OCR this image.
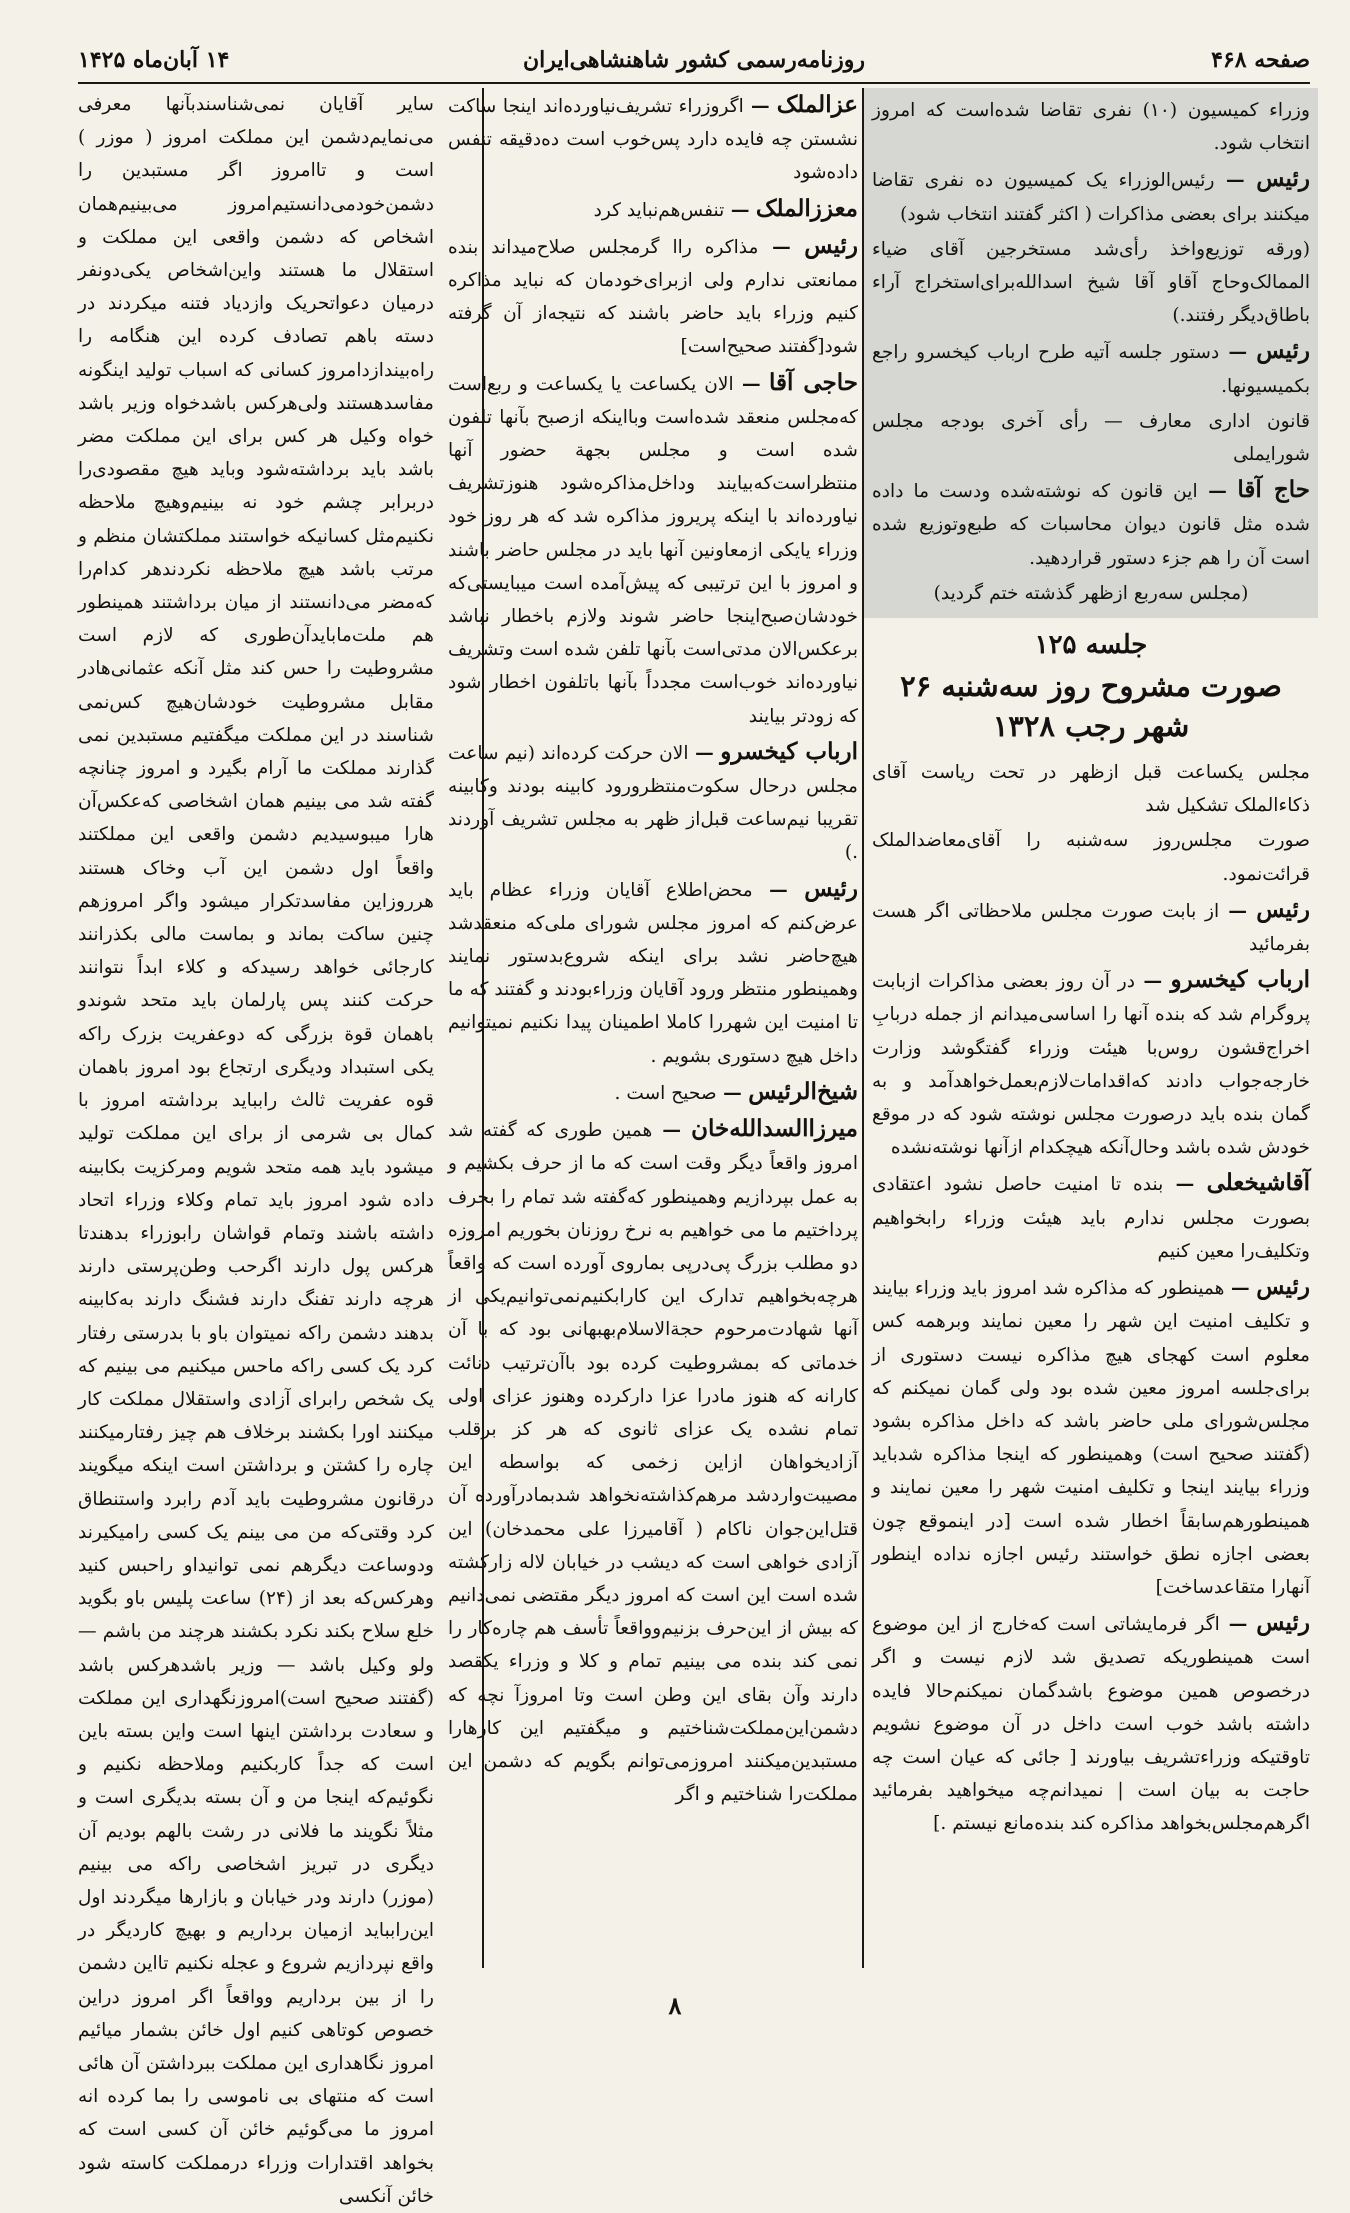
صفحه ۴۶۸
روزنامه‌رسمی کشور شاهنشاهی‌ایران
۱۴ آبان‌ماه ۱۴۲۵

وزراء کمیسیون (۱۰) نفری تقاضا شده‌است که امروز انتخاب شود.

رئیس — رئیس‌الوزراء یک کمیسیون ده نفری تقاضا میکنند برای بعضی مذاکرات ( اکثر گفتند انتخاب شود)

(ورقه توزیع‌واخذ رأی‌شد مستخرجین آقای ضیاء الممالک‌وحاج آقاو آقا شیخ اسدالله‌برای‌استخراج آراء باطاق‌دیگر رفتند.)

رئیس — دستور جلسه آتیه طرح ارباب کیخسرو راجع بکمیسیونها.

قانون اداری معارف — رأی آخری بودجه مجلس شورایملی

حاج آقا — این قانون که نوشته‌شده ودست ما داده شده مثل قانون دیوان محاسبات که طبع‌وتوزیع شده است آن را هم جزء دستور قراردهید.

(مجلس سه‌ربع ازظهر گذشته ختم گردید)

جلسه ۱۲۵
صورت مشروح روز سه‌شنبه ۲۶ شهر رجب ۱۳۲۸

مجلس یکساعت قبل ازظهر در تحت ریاست آقای ذکاءالملک تشکیل شد

صورت مجلس‌روز سه‌شنبه را آقای‌معاضدالملک قرائت‌نمود.

رئیس — از بابت صورت مجلس ملاحظاتی اگر هست بفرمائید

ارباب کیخسرو — در آن روز بعضی مذاکرات ازبابت پروگرام شد که بنده آنها را اساسی‌میدانم از جمله دربابِ اخراج‌قشون روس‌با هیئت وزراء گفتگوشد وزارت خارجه‌جواب دادند که‌اقدامات‌لازم‌بعمل‌خواهدآمد و به گمان بنده باید درصورت مجلس نوشته شود که در موقع خودش شده باشد وحال‌آنکه هیچکدام ازآنها نوشته‌نشده

آقاشیخعلی — بنده تا امنیت حاصل نشود اعتقادی بصورت مجلس ندارم باید هیئت وزراء رابخواهیم وتکلیف‌را معین کنیم

رئیس — همینطور که مذاکره شد امروز باید وزراء بیایند و تکلیف امنیت این شهر را معین نمایند وبرهمه کس معلوم است کهجای هیچ مذاکره نیست دستوری از برای‌جلسه امروز معین شده بود ولی گمان نمیکنم که مجلس‌شورای ملی حاضر باشد که داخل مذاکره بشود (گفتند صحیح است) وهمینطور که اینجا مذاکره شدباید وزراء بیایند اینجا و تکلیف امنیت شهر را معین نمایند و همینطورهم‌سابقاً اخطار شده است [در اینموقع چون بعضی اجازه نطق خواستند رئیس اجازه نداده اینطور آنهارا متقاعدساخت]

رئیس — اگر فرمایشاتی است که‌خارج از این موضوع است همینطوریکه تصدیق شد لازم نیست و اگر درخصوص همین موضوع باشدگمان نمیکنم‌حالا فایده داشته باشد خوب است داخل در آن موضوع نشویم تاوقتیکه وزراءتشریف بیاورند [ جائی که عیان است چه حاجت به بیان است | نمیدانم‌چه میخواهید بفرمائید اگرهم‌مجلس‌بخواهد مذاکره کند بنده‌مانع نیستم .]

عزالملک — اگروزراء تشریف‌نیاورده‌اند اینجا ساکت نشستن چه فایده دارد پس‌خوب است ده‌دقیقه تنفس داده‌شود

معززالملک — تنفس‌هم‌نباید کرد

رئیس — مذاکره راا گرمجلس صلاح‌میداند بنده ممانعتی ندارم ولی ازبرای‌خودمان که نباید مذاکره کنیم وزراء باید حاضر باشند که نتیجه‌از آن گرفته شود[گفتند صحیح‌است]

حاجی آقا — الان یکساعت یا یکساعت و ربع‌است که‌مجلس منعقد شده‌است وبااینکه ازصبح بآنها تلفون شده است و مجلس بجهة حضور آنها منتظراست‌که‌بیایند وداخل‌مذاکره‌شود هنوزتشریف نیاورده‌اند با اینکه پریروز مذاکره شد که هر روز خود وزراء یایکی ازمعاونین آنها باید در مجلس حاضر باشند و امروز با این ترتیبی که پیش‌آمده است میبایستی‌که خودشان‌صبح‌اینجا حاضر شوند ولازم باخطار نباشد برعکس‌الان مدتی‌است بآنها تلفن شده است وتشریف نیاورده‌اند خوب‌است مجدداً بآنها باتلفون اخطار شود که زودتر بیایند

ارباب کیخسرو — الان حرکت کرده‌اند (نیم ساعت مجلس درحال سکوت‌منتظرورود کابینه بودند وکابینه تقریبا نیم‌ساعت قبل‌از ظهر به مجلس تشریف آوردند .)

رئیس — محض‌اطلاع آقایان وزراء عظام باید عرض‌کنم که امروز مجلس شورای ملی‌که منعقدشد هیچ‌حاضر نشد برای اینکه شروع‌بدستور نمایند وهمینطور منتظر ورود آقایان وزراءبودند و گفتند که ما تا امنیت این شهررا کاملا اطمینان پیدا نکنیم نمیتوانیم داخل هیچ دستوری بشویم .

شیخ‌الرئیس — صحیح است .

میرزاالسدالله‌خان — همین طوری که گفته شد امروز واقعاً دیگر وقت است که ما از حرف بکشیم و به عمل بپردازیم وهمینطور که‌گفته شد تمام را بحرف پرداختیم ما می خواهیم به نرخ روزنان بخوریم امروزه دو مطلب بزرگ پی‌درپی بماروی آورده است که واقعاً هرچه‌بخواهیم تدارک این کارابکنیم‌نمی‌توانیم‌یکی از آنها شهادت‌مرحوم حجة‌الاسلام‌بهبهانی بود که با آن خدماتی که بمشروطیت کرده بود باآن‌ترتیب دنائت کارانه که هنوز مادرا عزا دارکرده وهنوز عزای اولی تمام نشده یک عزای ثانوی که هر کز برقلب آزادیخواهان ازاین زخمی که بواسطه این مصیبت‌واردشد مرهم‌کذاشته‌نخواهد شد‌بمادرآورده آن قتل‌این‌جوان ناکام ( آقامیرزا علی محمدخان) این آزادی خواهی است که دیشب در خیابان لاله زارکشته شده است این است که امروز دیگر مقتضی نمی‌دانیم که بیش از این‌حرف بزنیم‌وواقعاً تأسف هم چاره‌کار را نمی کند بنده می بینیم تمام و کلا و وزراء یکقصد دارند وآن بقای این وطن است وتا امروزآ نچه که دشمن‌این‌مملکت‌شناختیم و میگفتیم این کارهارا مستبدین‌میکنند امروزمی‌توانم بگویم که دشمن این مملکت‌را شناختیم و اگر

سایر آقایان نمی‌شناسند‌بآنها معرفی می‌نمایم‌دشمن این مملکت امروز ( موزر ) است و تاامروز اگر مستبدین را دشمن‌خودمی‌دانستیم‌امروز می‌بینیم‌همان اشخاص که دشمن واقعی این مملکت و استقلال ما هستند واین‌اشخاص یکی‌دونفر درمیان دعواتحریک وازدیاد فتنه میکردند در دسته باهم تصادف کرده این هنگامه را راه‌بیندازدامروز کسانی که اسباب تولید اینگونه مفاسد‌هستند ولی‌هرکس باشدخواه وزیر باشد خواه وکیل هر کس برای این مملکت مضر باشد باید برداشته‌شود وباید هیچ مقصودی‌را دربرابر چشم خود نه بینیم‌وهیچ ملاحظه نکنیم‌مثل کسانیکه خواستند مملکتشان منظم و مرتب باشد هیچ ملاحظه نکردندهر کدام‌را که‌مضر می‌دانستند از میان برداشتند همینطور هم ملت‌ماباید‌آن‌طوری که لازم است مشروطیت را حس کند مثل آنکه عثمانی‌هادر مقابل مشروطیت خودشان‌هیچ کس‌نمی شناسند در این مملکت میگفتیم مستبدین نمی گذارند مملکت ما آرام بگیرد و امروز چنانچه گفته شد می بینیم همان اشخاصی که‌عکس‌آن هارا میبوسیدیم دشمن واقعی این مملکتند واقعاً اول دشمن این آب وخاک هستند هرروزاین مفاسدتکرار میشود واگر امروزهم چنین ساکت بماند و بماست مالی بکذرانند کارجائی خواهد رسیدکه و کلاء ابداً نتوانند حرکت کنند پس پارلمان باید متحد شوندو باهمان قوة بزرگی که دوعفریت بزرک راکه یکی استبداد ودیگری ارتجاع بود امروز باهمان قوه عفریت ثالث رابباید برداشته امروز با کمال بی شرمی از برای این مملکت تولید میشود باید همه متحد شویم ومرکزیت بکابینه داده شود امروز باید تمام وکلاء وزراء اتحاد داشته باشند وتمام قواشان رابوزراء بدهندتا هرکس پول دارند اگرحب وطن‌پرستی دارند هرچه دارند تفنگ دارند فشنگ دارند به‌کابینه بدهند دشمن راکه نمیتوان باو با بدرستی رفتار کرد یک کسی راکه ماحس میکنیم می بینیم که یک شخص رابرای آزادی واستقلال مملکت کار میکنند اورا بکشند برخلاف هم چیز رفتارمیکنند چاره را کشتن و برداشتن است اینکه میگویند درقانون مشروطیت باید آدم رابرد واستنطاق کرد وقتی‌که من می بینم یک کسی رامیکیرند ودوساعت دیگرهم نمی توانیداو راحبس کنید وهرکس‌که بعد از (۲۴) ساعت پلیس باو بگوید خلع سلاح بکند نکرد بکشند هرچند من باشم — ولو وکیل باشد — وزیر باشدهرکس باشد (گفتند صحیح است)امروزنگهداری این مملکت و سعادت برداشتن اینها است واین بسته باین است که جداً کاربکنیم وملاحظه نکنیم و نگوئیم‌که اینجا من و آن بسته بدیگری است و مثلاً نگویند ما فلانی در رشت بالهم بودیم آن دیگری در تبریز اشخاصی راکه می بینیم (موزر) دارند ودر خیابان و بازارها میگردند اول این‌رابباید ازمیان برداریم و بهیچ کاردیگر در واقع نپردازیم شروع و عجله نکنیم تااین دشمن را از بین برداریم وواقعاً اگر امروز دراین خصوص کوتاهی کنیم اول خائن بشمار میائیم امروز نگاهداری این مملکت ببرداشتن آن هائی است که منتهای بی ناموسی را بما کرده انه امروز ما می‌گوئیم خائن آن کسی است که بخواهد اقتدارات وزراء درمملکت کاسته شود خائن آنکسی

۸
